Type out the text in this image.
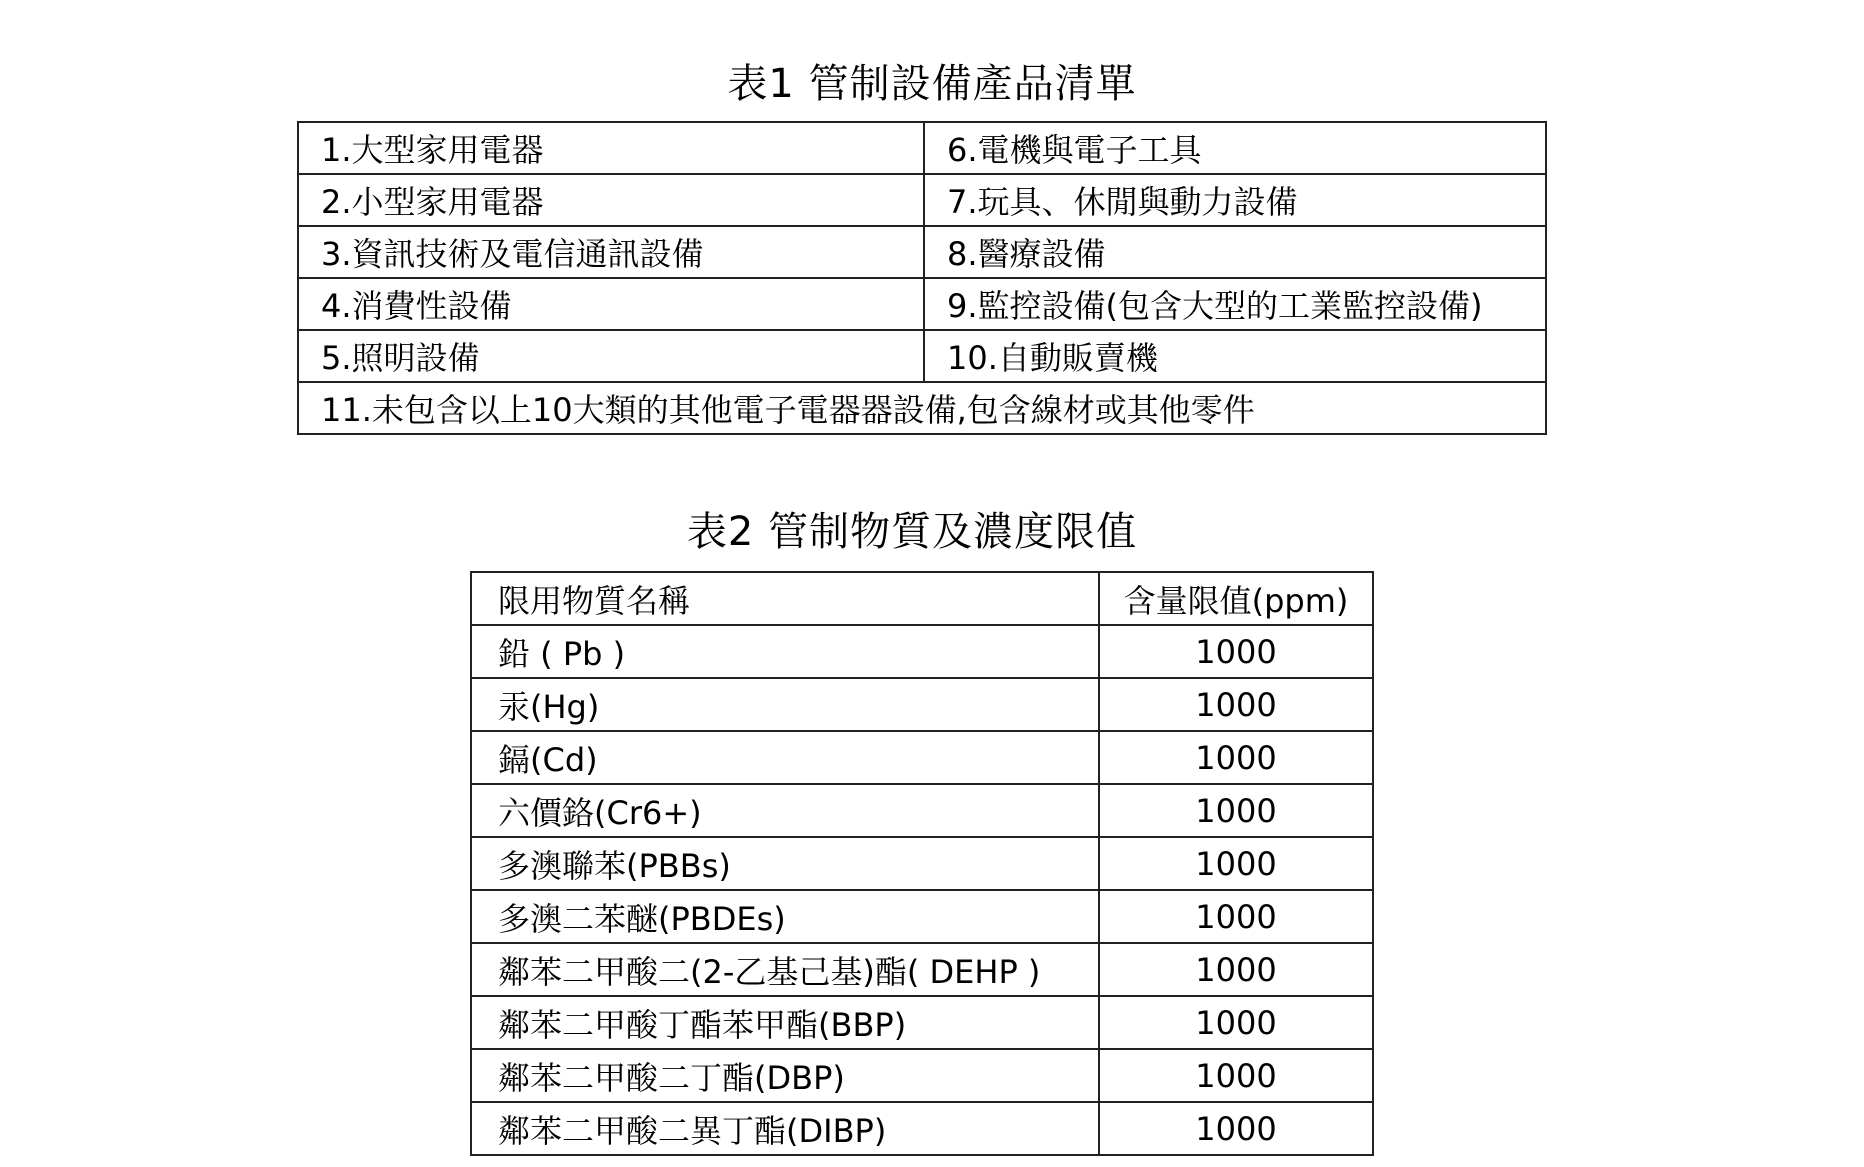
表1 管制設備產品清單
1.大型家用電器	6.電機與電子工具
2.小型家用電器	7.玩具、休閒與動力設備
3.資訊技術及電信通訊設備	8.醫療設備
4.消費性設備	9.監控設備(包含大型的工業監控設備)
5.照明設備	10.自動販賣機
11.未包含以上10大類的其他電子電器器設備,包含線材或其他零件	
表2 管制物質及濃度限值
限用物質名稱	含量限值(ppm)
鉛 ( Pb )	1000
汞(Hg)	1000
鎘(Cd)	1000
六價鉻(Cr6+)	1000
多澳聯苯(PBBs)	1000
多澳二苯醚(PBDEs)	1000
鄰苯二甲酸二(2-乙基己基)酯( DEHP )	1000
鄰苯二甲酸丁酯苯甲酯(BBP)	1000
鄰苯二甲酸二丁酯(DBP)	1000
鄰苯二甲酸二異丁酯(DIBP)	1000
